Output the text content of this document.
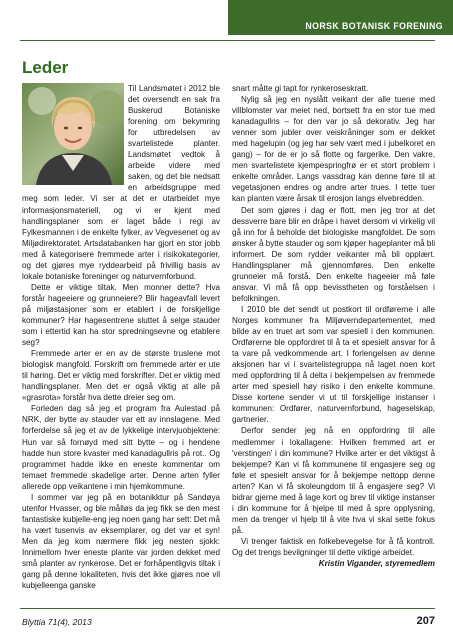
NORSK BOTANISK FORENING
Leder

Til Landsmøtet i 2012 ble det oversendt en sak fra Buskerud Botaniske forening om bekymring for utbredelsen av svartelistede planter. Landsmøtet vedtok å arbeide videre med saken, og det ble nedsatt en arbeidsgruppe med meg som leder. Vi ser at det er utarbeidet mye informasjonsmateriell, og vi er kjent med handlingsplaner som er laget både i regi av Fylkesmannen i de enkelte fylker, av Vegvesenet og av Miljødirektoratet. Artsdatabanken har gjort en stor jobb med å kategorisere fremmede arter i risikokategorier, og det gjøres mye ryddearbeid på frivillig basis av lokale botaniske foreninger og naturvernforbund.

Dette er viktige tiltak. Men monner dette? Hva forstår hageeiere og grunneiere? Blir hageavfall levert på miljøstasjoner som er etablert i de forskjellige kommuner? Har hagesentrene sluttet å selge stauder som i ettertid kan ha stor spredningsevne og etablere seg?

Fremmede arter er en av de største truslene mot biologisk mangfold. Forskrift om fremmede arter er ute til høring. Det er viktig med forskrifter. Det er viktig med handlingsplaner. Men det er også viktig at alle på «grasrota» forstår hva dette dreier seg om.

Forleden dag så jeg et program fra Aulestad på NRK, der bytte av stauder var ett av innslagene. Med forferdelse så jeg et av de lykkelige intervjuobjektene: Hun var så fornøyd med sitt bytte – og i hendene hadde hun store kvaster med kanadagullris på rot.. Og programmet hadde ikke en eneste kommentar om temaet fremmede skadelige arter. Denne arten fyller allerede opp veikantene i min hjemkommune.

I sommer var jeg på en botanikktur på Sandøya utenfor Hvasser, og ble målløs da jeg fikk se den mest fantastiske kubjelle-eng jeg noen gang har sett: Det må ha vært tusenvis av eksemplarer, og det var et syn! Men da jeg kom nærmere fikk jeg nesten sjokk: Innimellom hver eneste plante var jorden dekket med små planter av rynkerose. Det er forhåpentligvis tiltak i gang på denne lokaliteten, hvis det ikke gjøres noe vil kubjelleenga ganske

snart måtte gi tapt for rynkeroseskratt.

Nylig så jeg en nyslått veikant der alle tuene med villblomster var meiet ned, bortsett fra en stor tue med kanadagullris – for den var jo så dekorativ. Jeg har venner som jubler over veiskråninger som er dekket med hagelupin (og jeg har selv vært med i jubelkoret en gang) – for de er jo så flotte og fargerike. Den vakre, men svartelistete kjempespringfrø er et stort problem i enkelte områder. Langs vassdrag kan denne føre til at vegetasjonen endres og andre arter trues. I tette tuer kan planten være årsak til erosjon langs elvebredden.

Det som gjøres i dag er flott, men jeg tror at det dessverre bare blir en dråpe i havet dersom vi virkelig vil gå inn for å beholde det biologiske mangfoldet. De som ønsker å bytte stauder og som kjøper hageplanter må bli informert. De som rydder veikanter må bli opplært. Handlingsplaner må gjennomføres. Den enkelte grunneier må forstå. Den enkelte hageeier må føle ansvar. Vi må få opp bevisstheten og forståelsen i befolkningen.

I 2010 ble det sendt ut postkort til ordførerne i alle Norges kommuner fra Miljøverndepartementet, med bilde av en truet art som var spesiell i den kommunen. Ordførerne ble oppfordret til å ta et spesielt ansvar for å ta vare på vedkommende art. I forlengelsen av denne aksjonen har vi i svartelistegruppa nå laget noen kort med oppfordring til å delta i bekjempelsen av fremmede arter med spesiell høy risiko i den enkelte kommune. Disse kortene sender vi ut til forskjellige instanser i kommunen: Ordfører, naturvernforbund, hageselskap, gartnerier.

Derfor sender jeg nå en oppfordring til alle medlemmer i lokallagene: Hvilken fremmed art er 'verstingen' i din kommune? Hvilke arter er det viktigst å bekjempe? Kan vi få kommunene til engasjere seg og føle et spesielt ansvar for å bekjempe nettopp denne arten? Kan vi få skoleungdom til å engasjere seg? Vi bidrar gjerne med å lage kort og brev til viktige instanser i din kommune for å hjelpe til med å spre opplysning, men da trenger vi hjelp til å vite hva vi skal sette fokus på.

Vi trenger faktisk en folkebevegelse for å få kontroll. Og det trengs bevilgninger til dette viktige arbeidet.

Kristin Vigander, styremedlem

Blyttia 71(4), 2013	207
